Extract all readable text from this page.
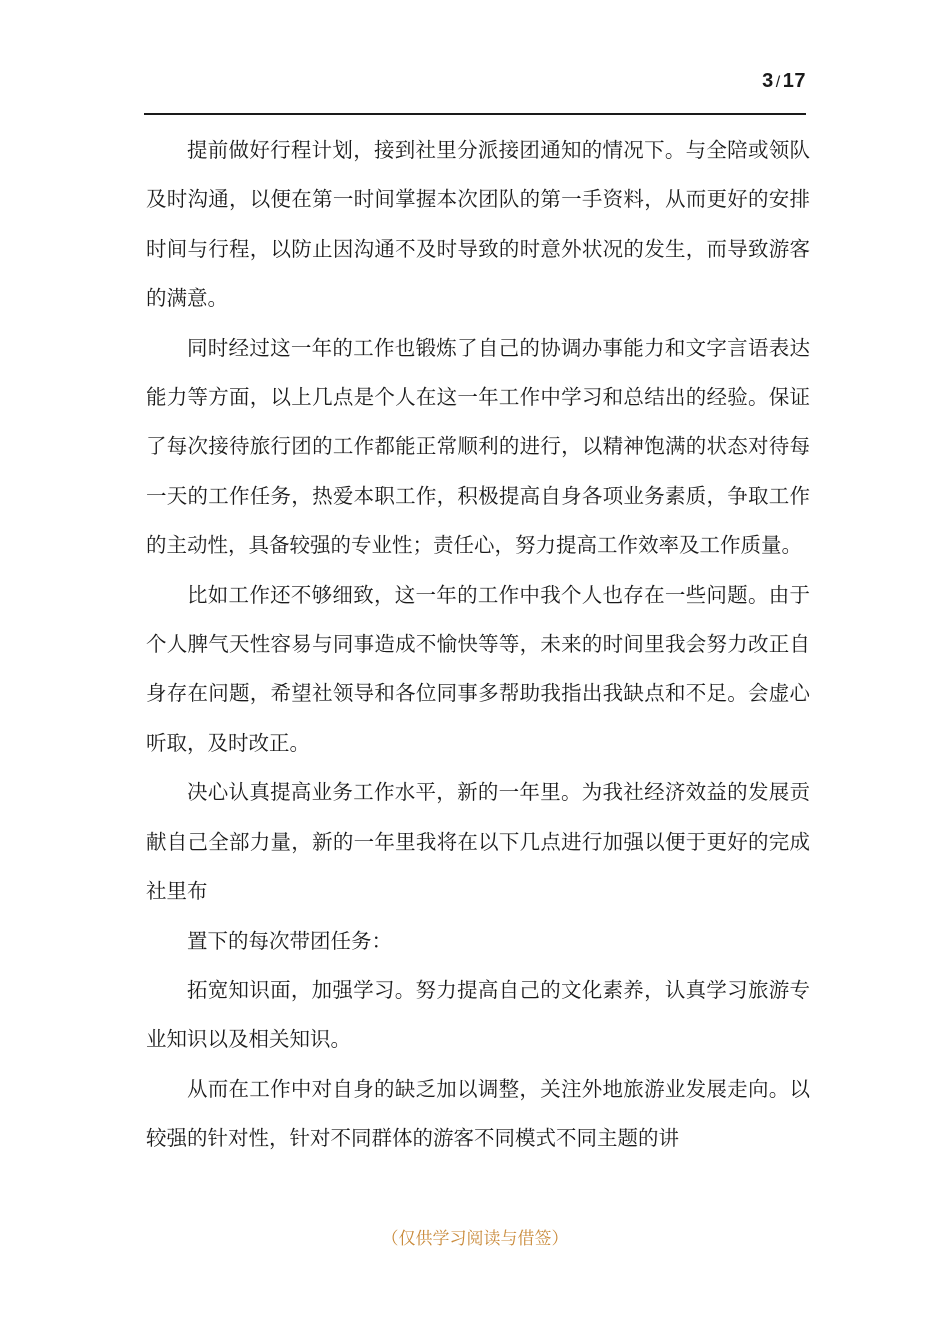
3 / 17

提前做好行程计划，接到社里分派接团通知的情况下。与全陪或领队及时沟通，以便在第一时间掌握本次团队的第一手资料，从而更好的安排时间与行程，以防止因沟通不及时导致的时意外状况的发生，而导致游客的满意。

同时经过这一年的工作也锻炼了自己的协调办事能力和文字言语表达能力等方面，以上几点是个人在这一年工作中学习和总结出的经验。保证了每次接待旅行团的工作都能正常顺利的进行，以精神饱满的状态对待每一天的工作任务，热爱本职工作，积极提高自身各项业务素质，争取工作的主动性，具备较强的专业性；责任心，努力提高工作效率及工作质量。

比如工作还不够细致，这一年的工作中我个人也存在一些问题。由于个人脾气天性容易与同事造成不愉快等等，未来的时间里我会努力改正自身存在问题，希望社领导和各位同事多帮助我指出我缺点和不足。会虚心听取，及时改正。

决心认真提高业务工作水平，新的一年里。为我社经济效益的发展贡献自己全部力量，新的一年里我将在以下几点进行加强以便于更好的完成社里布

置下的每次带团任务：

拓宽知识面，加强学习。努力提高自己的文化素养，认真学习旅游专业知识以及相关知识。

从而在工作中对自身的缺乏加以调整，关注外地旅游业发展走向。以较强的针对性，针对不同群体的游客不同模式不同主题的讲

（仅供学习阅读与借签）
